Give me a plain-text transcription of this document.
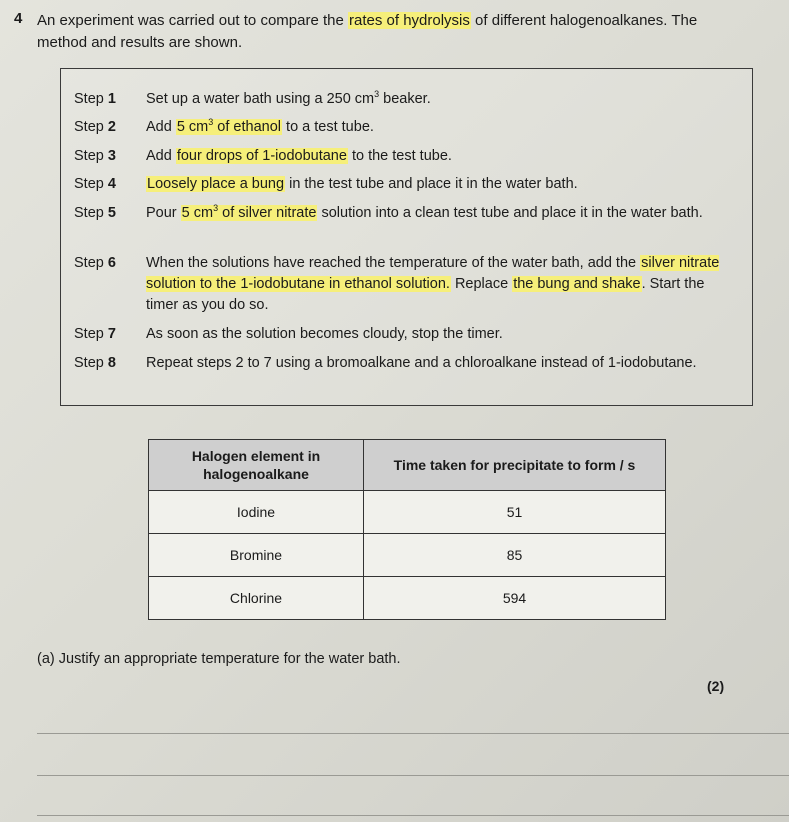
4 An experiment was carried out to compare the rates of hydrolysis of different halogenoalkanes. The method and results are shown.
Step 1	Set up a water bath using a 250 $cm^3$ beaker.
Step 2	Add 5 $cm^3$ of ethanol to a test tube.
Step 3	Add four drops of 1-iodobutane to the test tube.
Step 4	Loosely place a bung in the test tube and place it in the water bath.
Step 5	Pour 5 $cm^3$ of silver nitrate solution into a clean test tube and place it in the water bath.
Step 6	When the solutions have reached the temperature of the water bath, add the silver nitrate solution to the 1-iodobutane in ethanol solution. Replace the bung and shake. Start the timer as you do so.
Step 7	As soon as the solution becomes cloudy, stop the timer.
Step 8	Repeat steps 2 to 7 using a bromoalkane and a chloroalkane instead of 1-iodobutane.
Halogen element in halogenoalkane	Time taken for precipitate to form / s
Iodine	51
Bromine	85
Chlorine	594
(a) Justify an appropriate temperature for the water bath.
(2)
